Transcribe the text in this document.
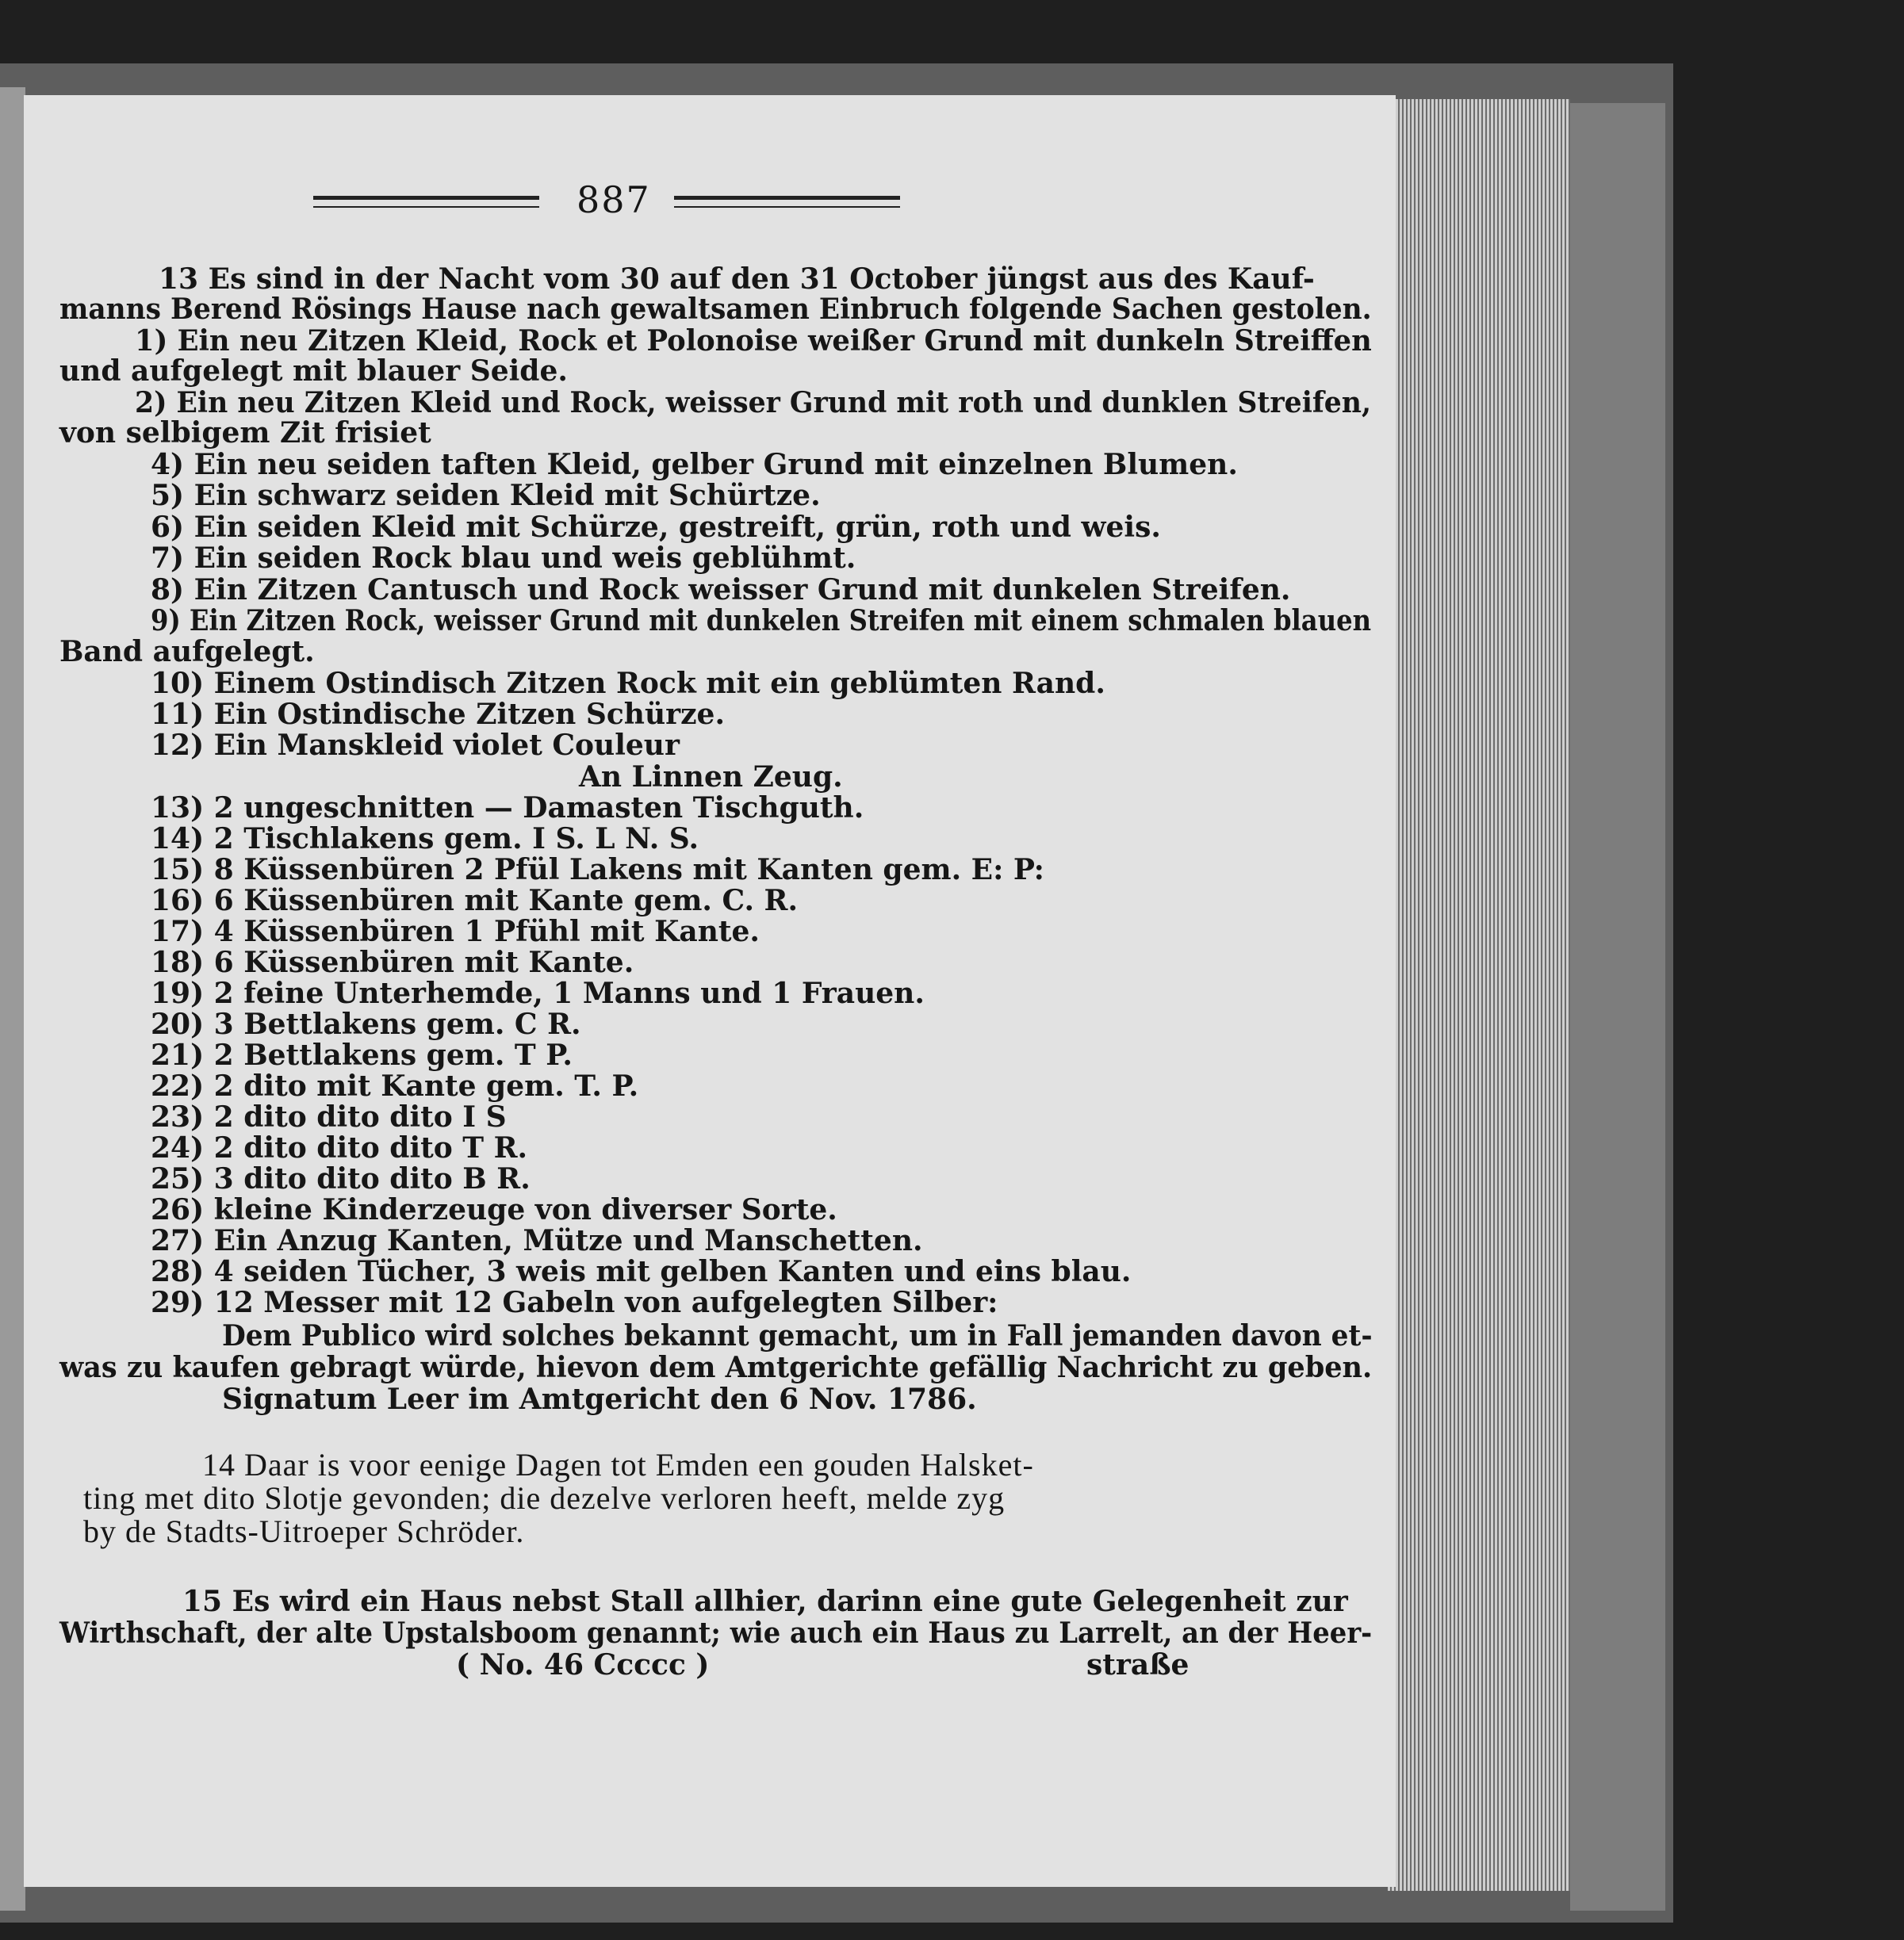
887
13 Es sind in der Nacht vom 30 auf den 31 October jüngst aus des Kauf-
manns Berend Rösings Hause nach gewaltsamen Einbruch folgende Sachen gestolen.
1) Ein neu Zitzen Kleid, Rock et Polonoise weißer Grund mit dunkeln Streiffen
und aufgelegt mit blauer Seide.
2) Ein neu Zitzen Kleid und Rock, weisser Grund mit roth und dunklen Streifen,
von selbigem Zit frisiet
4) Ein neu seiden taften Kleid, gelber Grund mit einzelnen Blumen.
5) Ein schwarz seiden Kleid mit Schürtze.
6) Ein seiden Kleid mit Schürze, gestreift, grün, roth und weis.
7) Ein seiden Rock blau und weis geblühmt.
8) Ein Zitzen Cantusch und Rock weisser Grund mit dunkelen Streifen.
9) Ein Zitzen Rock, weisser Grund mit dunkelen Streifen mit einem schmalen blauen
Band aufgelegt.
10) Einem Ostindisch Zitzen Rock mit ein geblümten Rand.
11) Ein Ostindische Zitzen Schürze.
12) Ein Manskleid violet Couleur
An Linnen Zeug.
13) 2 ungeschnitten — Damasten Tischguth.
14) 2 Tischlakens gem. I S. L N. S.
15) 8 Küssenbüren 2 Pfül Lakens mit Kanten gem. E: P:
16) 6 Küssenbüren mit Kante gem. C. R.
17) 4 Küssenbüren 1 Pfühl mit Kante.
18) 6 Küssenbüren mit Kante.
19) 2 feine Unterhemde, 1 Manns und 1 Frauen.
20) 3 Bettlakens gem. C R.
21) 2 Bettlakens gem. T P.
22) 2 dito mit Kante gem. T. P.
23) 2 dito dito dito I S
24) 2 dito dito dito T R.
25) 3 dito dito dito B R.
26) kleine Kinderzeuge von diverser Sorte.
27) Ein Anzug Kanten, Mütze und Manschetten.
28) 4 seiden Tücher, 3 weis mit gelben Kanten und eins blau.
29) 12 Messer mit 12 Gabeln von aufgelegten Silber:
Dem Publico wird solches bekannt gemacht, um in Fall jemanden davon et-
was zu kaufen gebragt würde, hievon dem Amtgerichte gefällig Nachricht zu geben.
Signatum Leer im Amtgericht den 6 Nov. 1786.
14 Daar is voor eenige Dagen tot Emden een gouden Halsket-
ting met dito Slotje gevonden; die dezelve verloren heeft, melde zyg
by de Stadts-Uitroeper Schröder.
15 Es wird ein Haus nebst Stall allhier, darinn eine gute Gelegenheit zur
Wirthschaft, der alte Upstalsboom genannt; wie auch ein Haus zu Larrelt, an der Heer-
( No. 46 Ccccc )	straße
